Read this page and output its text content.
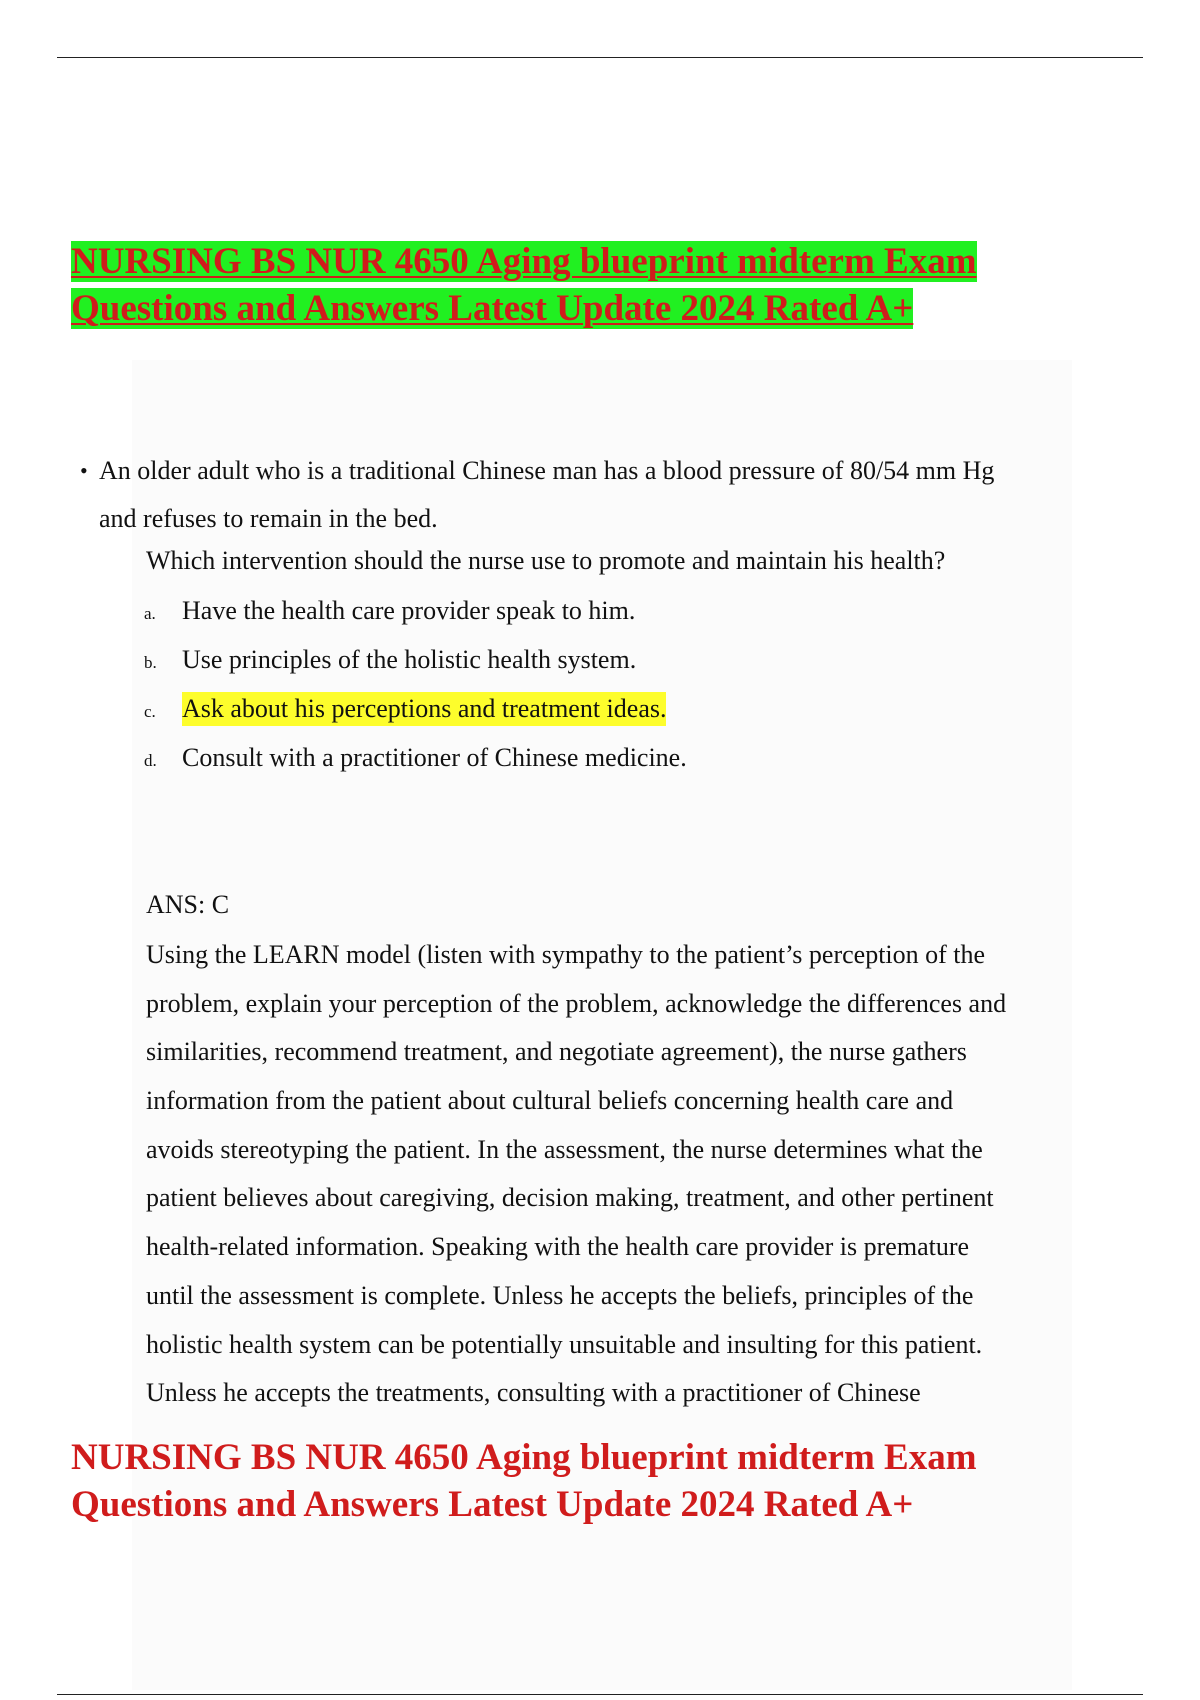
NURSING BS NUR 4650 Aging blueprint midterm Exam
Questions and Answers Latest Update 2024 Rated A+
• An older adult who is a traditional Chinese man has a blood pressure of 80/54 mm Hg
and refuses to remain in the bed.
Which intervention should the nurse use to promote and maintain his health?
a. Have the health care provider speak to him.
b. Use principles of the holistic health system.
c. Ask about his perceptions and treatment ideas.
d. Consult with a practitioner of Chinese medicine.
ANS: C
Using the LEARN model (listen with sympathy to the patient’s perception of the
problem, explain your perception of the problem, acknowledge the differences and
similarities, recommend treatment, and negotiate agreement), the nurse gathers
information from the patient about cultural beliefs concerning health care and
avoids stereotyping the patient. In the assessment, the nurse determines what the
patient believes about caregiving, decision making, treatment, and other pertinent
health-related information. Speaking with the health care provider is premature
until the assessment is complete. Unless he accepts the beliefs, principles of the
holistic health system can be potentially unsuitable and insulting for this patient.
Unless he accepts the treatments, consulting with a practitioner of Chinese
NURSING BS NUR 4650 Aging blueprint midterm Exam
Questions and Answers Latest Update 2024 Rated A+
